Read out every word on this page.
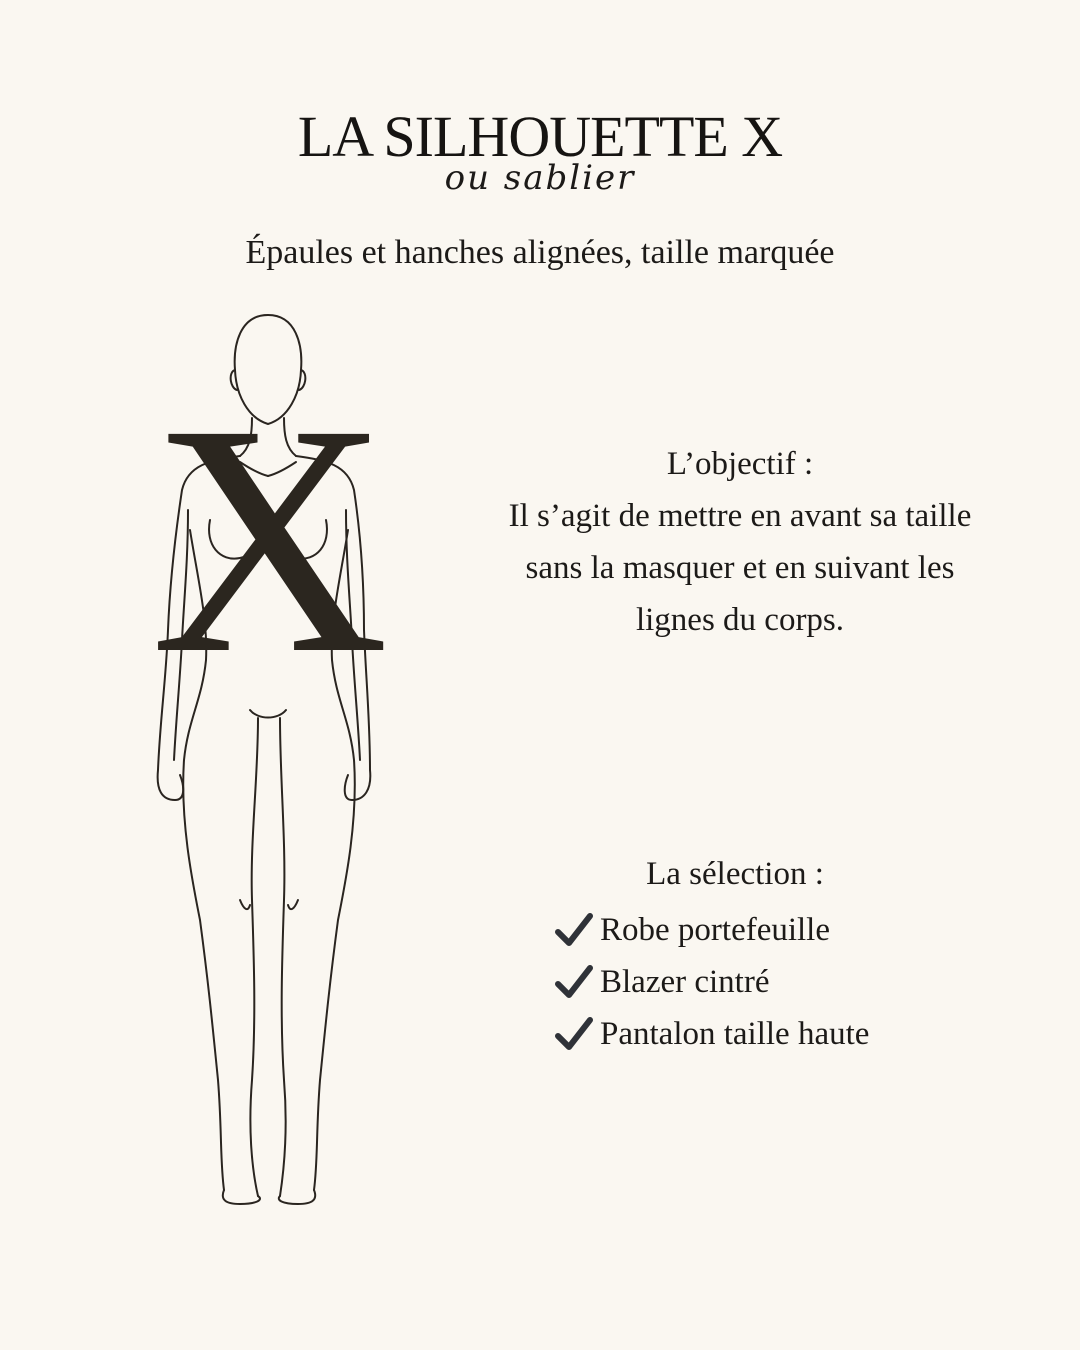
LA SILHOUETTE X
ou sablier
Épaules et hanches alignées, taille marquée
X	L’objectif :
Il s’agit de mettre en avant sa taille sans la masquer et en suivant les lignes du corps.
La sélection :
Robe portefeuille
Blazer cintré
Pantalon taille haute
